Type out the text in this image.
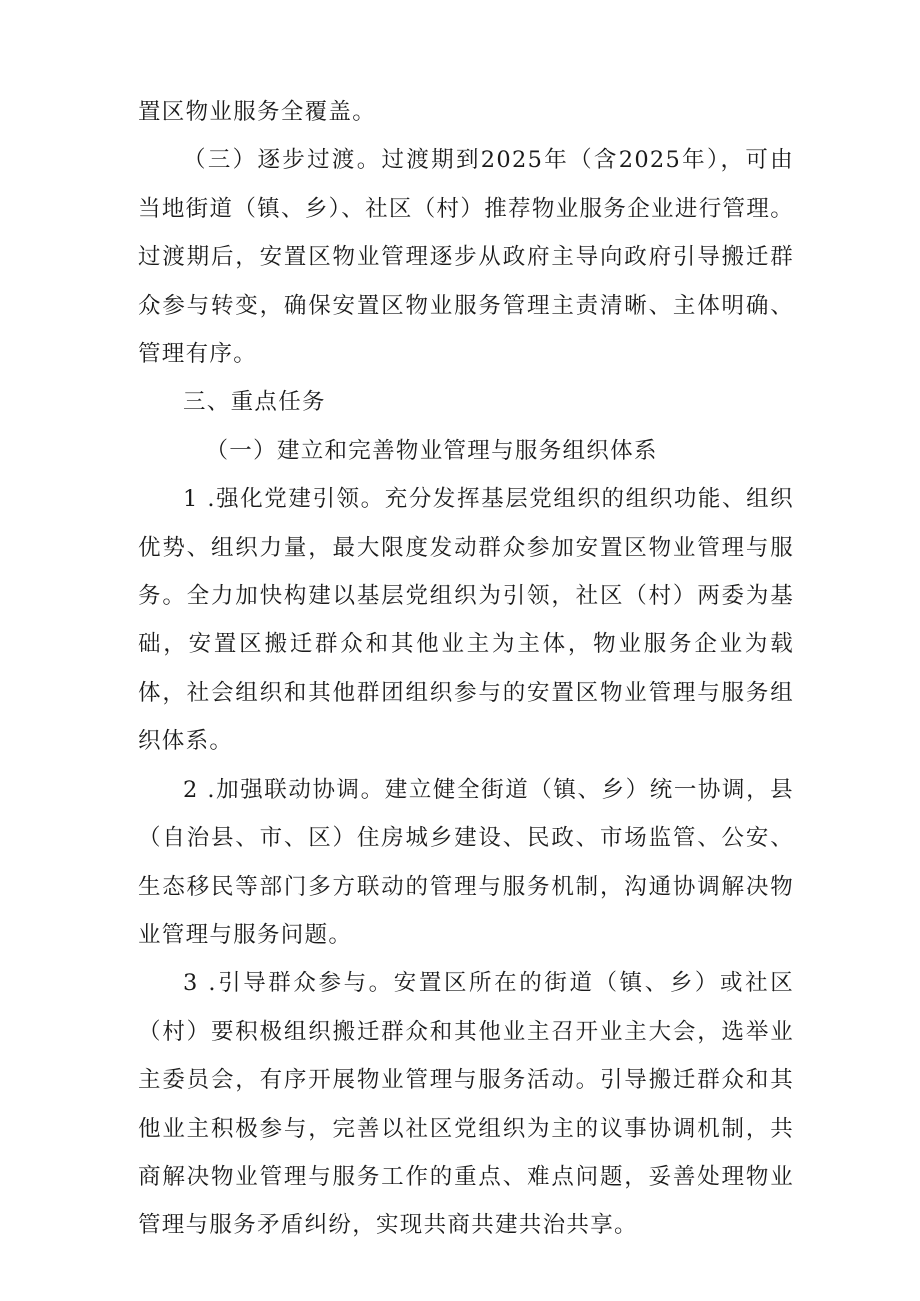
置区物业服务全覆盖。

（三）逐步过渡。过渡期到2025年（含2025年），可由当地街道（镇、乡）、社区（村）推荐物业服务企业进行管理。过渡期后，安置区物业管理逐步从政府主导向政府引导搬迁群众参与转变，确保安置区物业服务管理主责清晰、主体明确、管理有序。

三、重点任务

（一）建立和完善物业管理与服务组织体系

1 .强化党建引领。充分发挥基层党组织的组织功能、组织优势、组织力量，最大限度发动群众参加安置区物业管理与服务。全力加快构建以基层党组织为引领，社区（村）两委为基础，安置区搬迁群众和其他业主为主体，物业服务企业为载体，社会组织和其他群团组织参与的安置区物业管理与服务组织体系。

2 .加强联动协调。建立健全街道（镇、乡）统一协调，县（自治县、市、区）住房城乡建设、民政、市场监管、公安、生态移民等部门多方联动的管理与服务机制，沟通协调解决物业管理与服务问题。

3 .引导群众参与。安置区所在的街道（镇、乡）或社区（村）要积极组织搬迁群众和其他业主召开业主大会，选举业主委员会，有序开展物业管理与服务活动。引导搬迁群众和其他业主积极参与，完善以社区党组织为主的议事协调机制，共商解决物业管理与服务工作的重点、难点问题，妥善处理物业管理与服务矛盾纠纷，实现共商共建共治共享。
